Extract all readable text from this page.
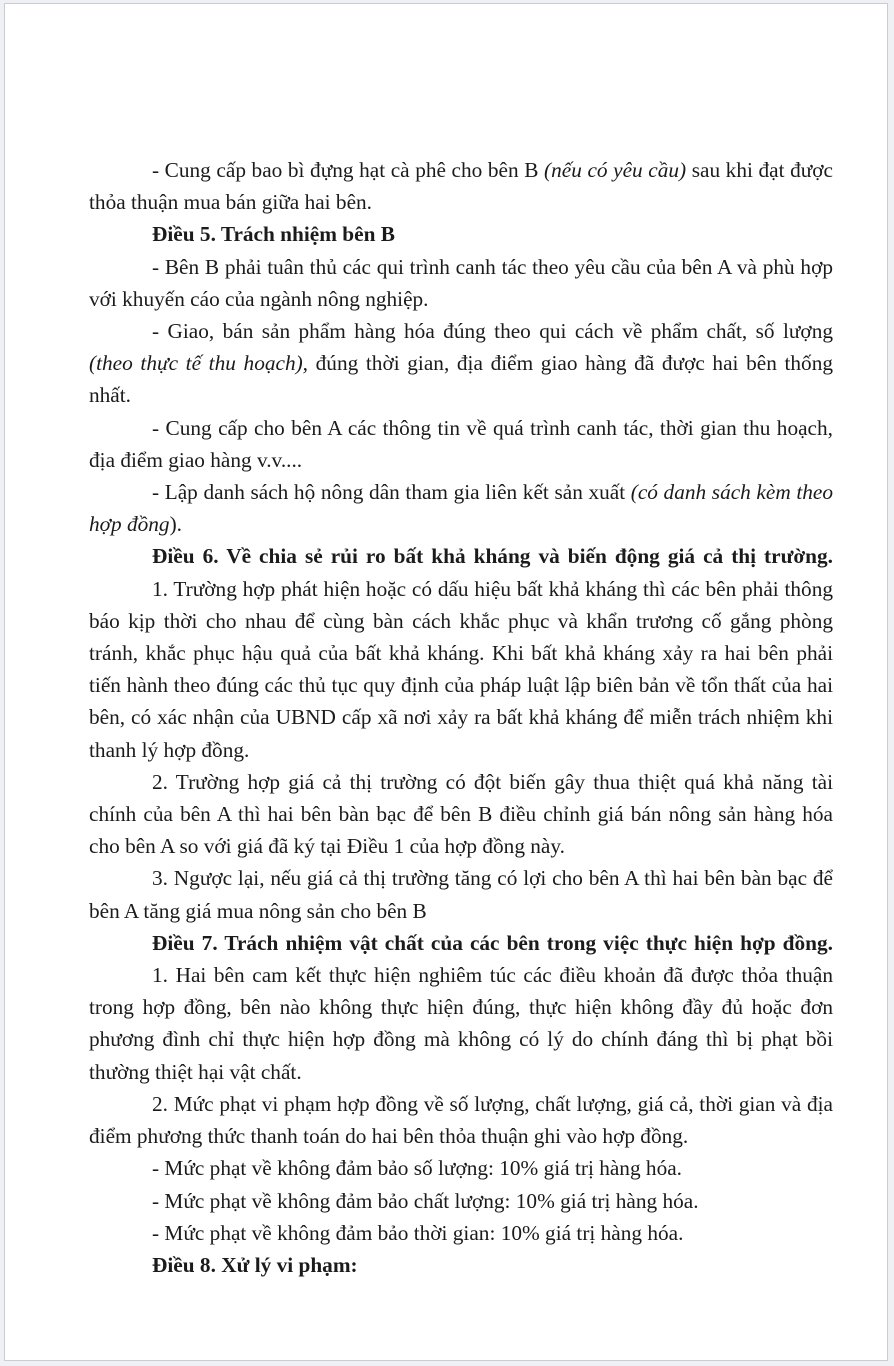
- Cung cấp bao bì đựng hạt cà phê cho bên B (nếu có yêu cầu) sau khi đạt được thỏa thuận mua bán giữa hai bên.

Điều 5. Trách nhiệm bên B

- Bên B phải tuân thủ các qui trình canh tác theo yêu cầu của bên A và phù hợp với khuyến cáo của ngành nông nghiệp.

- Giao, bán sản phẩm hàng hóa đúng theo qui cách về phẩm chất, số lượng (theo thực tế thu hoạch), đúng thời gian, địa điểm giao hàng đã được hai bên thống nhất.

- Cung cấp cho bên A các thông tin về quá trình canh tác, thời gian thu hoạch, địa điểm giao hàng v.v....

- Lập danh sách hộ nông dân tham gia liên kết sản xuất (có danh sách kèm theo hợp đồng).

Điều 6. Về chia sẻ rủi ro bất khả kháng và biến động giá cả thị trường.

1. Trường hợp phát hiện hoặc có dấu hiệu bất khả kháng thì các bên phải thông báo kịp thời cho nhau để cùng bàn cách khắc phục và khẩn trương cố gắng phòng tránh, khắc phục hậu quả của bất khả kháng. Khi bất khả kháng xảy ra hai bên phải tiến hành theo đúng các thủ tục quy định của pháp luật lập biên bản về tổn thất của hai bên, có xác nhận của UBND cấp xã nơi xảy ra bất khả kháng để miễn trách nhiệm khi thanh lý hợp đồng.

2. Trường hợp giá cả thị trường có đột biến gây thua thiệt quá khả năng tài chính của bên A thì hai bên bàn bạc để bên B điều chỉnh giá bán nông sản hàng hóa cho bên A so với giá đã ký tại Điều 1 của hợp đồng này.

3. Ngược lại, nếu giá cả thị trường tăng có lợi cho bên A thì hai bên bàn bạc để bên A tăng giá mua nông sản cho bên B

Điều 7. Trách nhiệm vật chất của các bên trong việc thực hiện hợp đồng.

1. Hai bên cam kết thực hiện nghiêm túc các điều khoản đã được thỏa thuận trong hợp đồng, bên nào không thực hiện đúng, thực hiện không đầy đủ hoặc đơn phương đình chỉ thực hiện hợp đồng mà không có lý do chính đáng thì bị phạt bồi thường thiệt hại vật chất.

2. Mức phạt vi phạm hợp đồng về số lượng, chất lượng, giá cả, thời gian và địa điểm phương thức thanh toán do hai bên thỏa thuận ghi vào hợp đồng.

- Mức phạt về không đảm bảo số lượng: 10% giá trị hàng hóa.

- Mức phạt về không đảm bảo chất lượng: 10% giá trị hàng hóa.

- Mức phạt về không đảm bảo thời gian: 10% giá trị hàng hóa.

Điều 8. Xử lý vi phạm:
